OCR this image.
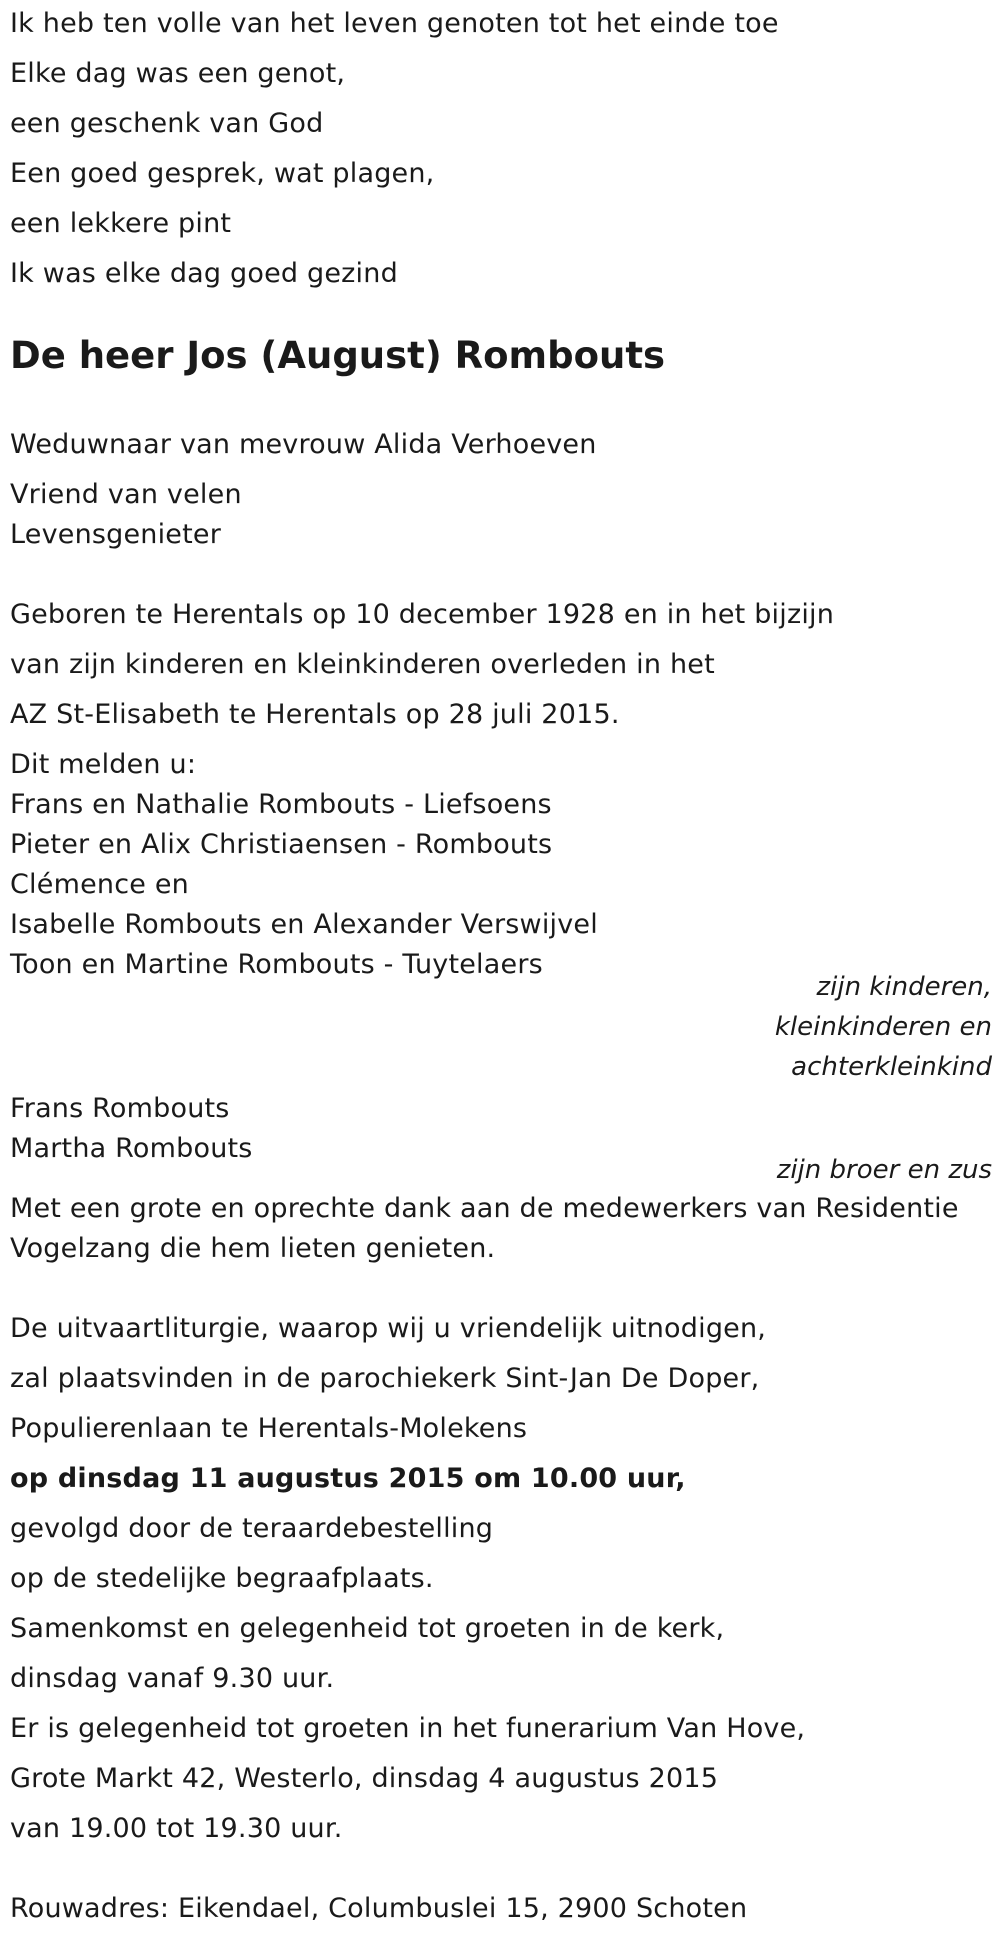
Ik heb ten volle van het leven genoten tot het einde toe
Elke dag was een genot,
een geschenk van God
Een goed gesprek, wat plagen,
een lekkere pint
Ik was elke dag goed gezind
De heer Jos (August) Rombouts
Weduwnaar van mevrouw Alida Verhoeven
Vriend van velen
Levensgenieter
Geboren te Herentals op 10 december 1928 en in het bijzijn
van zijn kinderen en kleinkinderen overleden in het
AZ St-Elisabeth te Herentals op 28 juli 2015.
Dit melden u:
Frans en Nathalie Rombouts - Liefsoens
Pieter en Alix Christiaensen - Rombouts
Clémence en
Isabelle Rombouts en Alexander Verswijvel
Toon en Martine Rombouts - Tuytelaers
zijn kinderen,
kleinkinderen en
achterkleinkind
Frans Rombouts
Martha Rombouts
zijn broer en zus
Met een grote en oprechte dank aan de medewerkers van Residentie
Vogelzang die hem lieten genieten.
De uitvaartliturgie, waarop wij u vriendelijk uitnodigen,
zal plaatsvinden in de parochiekerk Sint-Jan De Doper,
Populierenlaan te Herentals-Molekens
op dinsdag 11 augustus 2015 om 10.00 uur,
gevolgd door de teraardebestelling
op de stedelijke begraafplaats.
Samenkomst en gelegenheid tot groeten in de kerk,
dinsdag vanaf 9.30 uur.
Er is gelegenheid tot groeten in het funerarium Van Hove,
Grote Markt 42, Westerlo, dinsdag 4 augustus 2015
van 19.00 tot 19.30 uur.
Rouwadres: Eikendael, Columbuslei 15, 2900 Schoten
